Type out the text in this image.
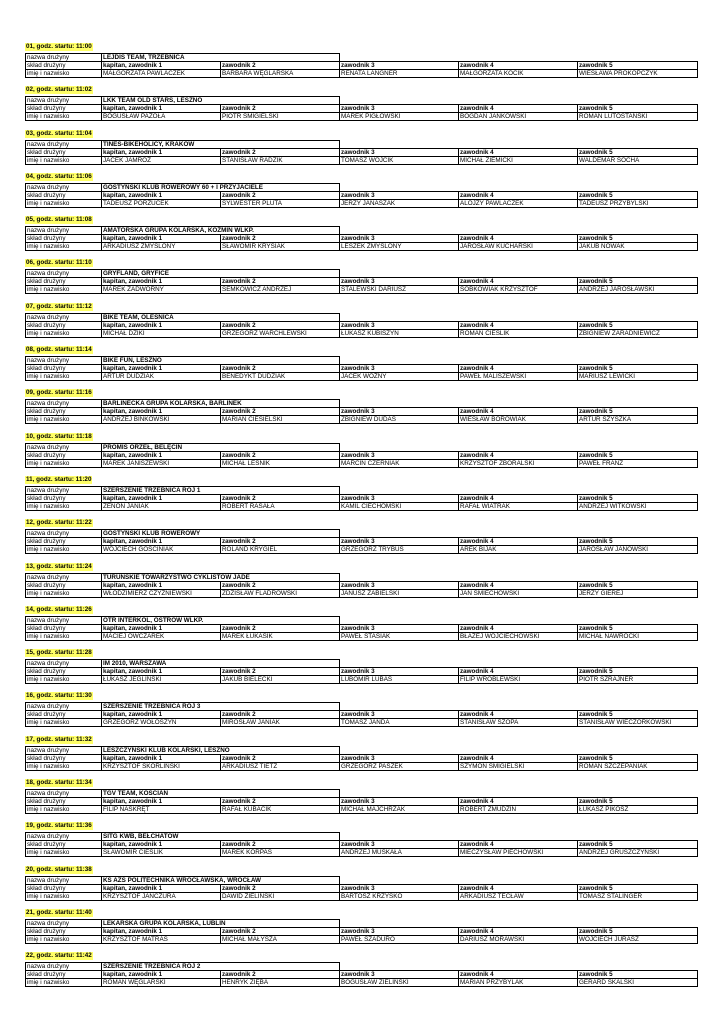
01, godz. startu: 11:00
nazwa drużyny	LEJDIS TEAM, TRZEBNICA				
skład drużyny	kapitan, zawodnik 1	zawodnik 2	zawodnik 3	zawodnik 4	zawodnik 5
imię i nazwisko	MAŁGORZATA PAWLACZEK	BARBARA WĘGLARSKA	RENATA LANGNER	MAŁGORZATA KOCIK	WIESŁAWA PROKOPCZYK
02, godz. startu: 11:02
nazwa drużyny	LKK TEAM OLD STARS, LESZNO				
skład drużyny	kapitan, zawodnik 1	zawodnik 2	zawodnik 3	zawodnik 4	zawodnik 5
imię i nazwisko	BOGUSŁAW PAZOŁA	PIOTR ŚMIGIELSKI	MAREK PIGŁOWSKI	BOGDAN JANKOWSKI	ROMAN LUTOSTAŃSKI
03, godz. startu: 11:04
nazwa drużyny	TINES-BIKEHOLICY, KRAKÓW				
skład drużyny	kapitan, zawodnik 1	zawodnik 2	zawodnik 3	zawodnik 4	zawodnik 5
imię i nazwisko	JACEK JAMRÓZ	STANISŁAW RADZIK	TOMASZ WÓJCIK	MICHAŁ ZIEMICKI	WALDEMAR SOCHA
04, godz. startu: 11:06
nazwa drużyny	GOSTYŃSKI KLUB ROWEROWY 60 + I PRZYJACIELE				
skład drużyny	kapitan, zawodnik 1	zawodnik 2	zawodnik 3	zawodnik 4	zawodnik 5
imię i nazwisko	TADEUSZ PORZUCEK	SYLWESTER PLUTA	JERZY JANASZAK	ALOJZY PAWLACZEK	TADEUSZ PRZYBYLSKI
05, godz. startu: 11:08
nazwa drużyny	AMATORSKA GRUPA KOLARSKA, KOŹMIN WLKP.				
skład drużyny	kapitan, zawodnik 1	zawodnik 2	zawodnik 3	zawodnik 4	zawodnik 5
imię i nazwisko	ARKADIUSZ ZMYŚLONY	SŁAWOMIR KRYSIAK	LESZEK ZMYŚLONY	JAROSŁAW KUCHARSKI	JAKUB NOWAK
06, godz. startu: 11:10
nazwa drużyny	GRYFLAND, GRYFICE				
skład drużyny	kapitan, zawodnik 1	zawodnik 2	zawodnik 3	zawodnik 4	zawodnik 5
imię i nazwisko	MAREK ZADWORNY	SEMKOWICZ ANDRZEJ	STALEWSKI DARIUSZ	SOBKOWIAK KRZYSZTOF	ANDRZEJ JAROSŁAWSKI
07, godz. startu: 11:12
nazwa drużyny	BIKE TEAM, OLEŚNICA				
skład drużyny	kapitan, zawodnik 1	zawodnik 2	zawodnik 3	zawodnik 4	zawodnik 5
imię i nazwisko	MICHAŁ DZIKI	GRZEGORZ WARCHLEWSKI	ŁUKASZ KUBISZYN	ROMAN CIEŚLIK	ZBIGNIEW ZARADNIEWICZ
08, godz. startu: 11:14
nazwa drużyny	BIKE FUN, LESZNO				
skład drużyny	kapitan, zawodnik 1	zawodnik 2	zawodnik 3	zawodnik 4	zawodnik 5
imię i nazwisko	ARTUR DUDZIAK	BENEDYKT DUDZIAK	JACEK WOŹNY	PAWEŁ MALISZEWSKI	MARIUSZ LEWICKI
09, godz. startu: 11:16
nazwa drużyny	BARLINECKA GRUPA KOLARSKA, BARLINEK				
skład drużyny	kapitan, zawodnik 1	zawodnik 2	zawodnik 3	zawodnik 4	zawodnik 5
imię i nazwisko	ANDRZEJ BINKOWSKI	MARIAN CIESIELSKI	ZBIGNIEW DUDAS	WIESŁAW BOROWIAK	ARTUR SZYSZKA
10, godz. startu: 11:18
nazwa drużyny	PROMIS ORZEŁ, BELĘCIN				
skład drużyny	kapitan, zawodnik 1	zawodnik 2	zawodnik 3	zawodnik 4	zawodnik 5
imię i nazwisko	MAREK JANISZEWSKI	MICHAŁ LEŚNIK	MARCIN CZERNIAK	KRZYSZTOF ZBORALSKI	PAWEŁ FRANZ
11, godz. startu: 11:20
nazwa drużyny	SZERSZENIE TRZEBNICA RÓJ 1				
skład drużyny	kapitan, zawodnik 1	zawodnik 2	zawodnik 3	zawodnik 4	zawodnik 5
imię i nazwisko	ZENON JANIAK	ROBERT RASAŁA	KAMIL CIECHOMSKI	RAFAŁ WIATRAK	ANDRZEJ WITKOWSKI
12, godz. startu: 11:22
nazwa drużyny	GOSTYŃSKI KLUB ROWEROWY				
skład drużyny	kapitan, zawodnik 1	zawodnik 2	zawodnik 3	zawodnik 4	zawodnik 5
imię i nazwisko	WOJCIECH GOŚCINIAK	ROLAND KRYGIEL	GRZEGORZ TRYBUŚ	AREK BIJAK	JAROSŁAW JANOWSKI
13, godz. startu: 11:24
nazwa drużyny	TURUNSKIE TOWARZYSTWO CYKLISTÓW JADE				
skład drużyny	kapitan, zawodnik 1	zawodnik 2	zawodnik 3	zawodnik 4	zawodnik 5
imię i nazwisko	WŁODZIMIERZ CZYŻNIEWSKI	ZDZISŁAW FLADROWSKI	JANUSZ ZABIELSKI	JAN ŚMIECHOWSKI	JERZY GIEREJ
14, godz. startu: 11:26
nazwa drużyny	OTR INTERKOL, OSTRÓW WLKP.				
skład drużyny	kapitan, zawodnik 1	zawodnik 2	zawodnik 3	zawodnik 4	zawodnik 5
imię i nazwisko	MACIEJ OWCZAREK	MAREK ŁUKASIK	PAWEŁ STASIAK	BŁAŻEJ WOJCIECHOWSKI	MICHAŁ NAWROCKI
15, godz. startu: 11:28
nazwa drużyny	IM 2010, WARSZAWA				
skład drużyny	kapitan, zawodnik 1	zawodnik 2	zawodnik 3	zawodnik 4	zawodnik 5
imię i nazwisko	ŁUKASZ JEGLIŃSKI	JAKUB BIELECKI	LUBOMIR LUBAS	FILIP WRÓBLEWSKI	PIOTR SZRAJNER
16, godz. startu: 11:30
nazwa drużyny	SZERSZENIE TRZEBNICA RÓJ 3				
skład drużyny	kapitan, zawodnik 1	zawodnik 2	zawodnik 3	zawodnik 4	zawodnik 5
imię i nazwisko	GRZEGORZ WOŁOSZYN	MIROSŁAW JANIAK	TOMASZ JANDA	STANISŁAW SZOPA	STANISŁAW WIECZORKOWSKI
17, godz. startu: 11:32
nazwa drużyny	LESZCZYŃSKI KLUB KOLARSKI, LESZNO				
skład drużyny	kapitan, zawodnik 1	zawodnik 2	zawodnik 3	zawodnik 4	zawodnik 5
imię i nazwisko	KRZYSZTOF SKORLIŃSKI	ARKADIUSZ TIETZ	GRZEGORZ PASZEK	SZYMON ŚMIGIELSKI	ROMAN SZCZEPANIAK
18, godz. startu: 11:34
nazwa drużyny	TGV TEAM, KOŚCIAN				
skład drużyny	kapitan, zawodnik 1	zawodnik 2	zawodnik 3	zawodnik 4	zawodnik 5
imię i nazwisko	FILIP NASKRĘT	RAFAŁ KUBACIK	MICHAŁ MAJCHRZAK	ROBERT ŻMUDZIN	ŁUKASZ PIKOSZ
19, godz. startu: 11:36
nazwa drużyny	SITG KWB, BEŁCHATÓW				
skład drużyny	kapitan, zawodnik 1	zawodnik 2	zawodnik 3	zawodnik 4	zawodnik 5
imię i nazwisko	SŁAWOMIR CIEŚLIK	MAREK KORPAS	ANDRZEJ MUSKAŁA	MIECZYSŁAW PIECHOWSKI	ANDRZEJ GRUSZCZYŃSKI
20, godz. startu: 11:38
nazwa drużyny	KS AZS POLITECHNIKA WROCŁAWSKA, WROCŁAW				
skład drużyny	kapitan, zawodnik 1	zawodnik 2	zawodnik 3	zawodnik 4	zawodnik 5
imię i nazwisko	KRZYSZTOF JANCZURA	DAWID ZIELIŃSKI	BARTOSZ KRZYŚKO	ARKADIUSZ TECŁAW	TOMASZ STALINGER
21, godz. startu: 11:40
nazwa drużyny	LEKARSKA GRUPA KOLARSKA, LUBLIN				
skład drużyny	kapitan, zawodnik 1	zawodnik 2	zawodnik 3	zawodnik 4	zawodnik 5
imię i nazwisko	KRZYSZTOF MATRAS	MICHAŁ MAŁYSZA	PAWEŁ SZADURO	DARIUSZ MORAWSKI	WOJCIECH JURASZ
22, godz. startu: 11:42
nazwa drużyny	SZERSZENIE TRZEBNICA RÓJ 2				
skład drużyny	kapitan, zawodnik 1	zawodnik 2	zawodnik 3	zawodnik 4	zawodnik 5
imię i nazwisko	ROMAN WĘGLARSKI	HENRYK ZIĘBA	BOGUSŁAW ZIELIŃSKI	MARIAN PRZYBYLAK	GERARD SKALSKI
